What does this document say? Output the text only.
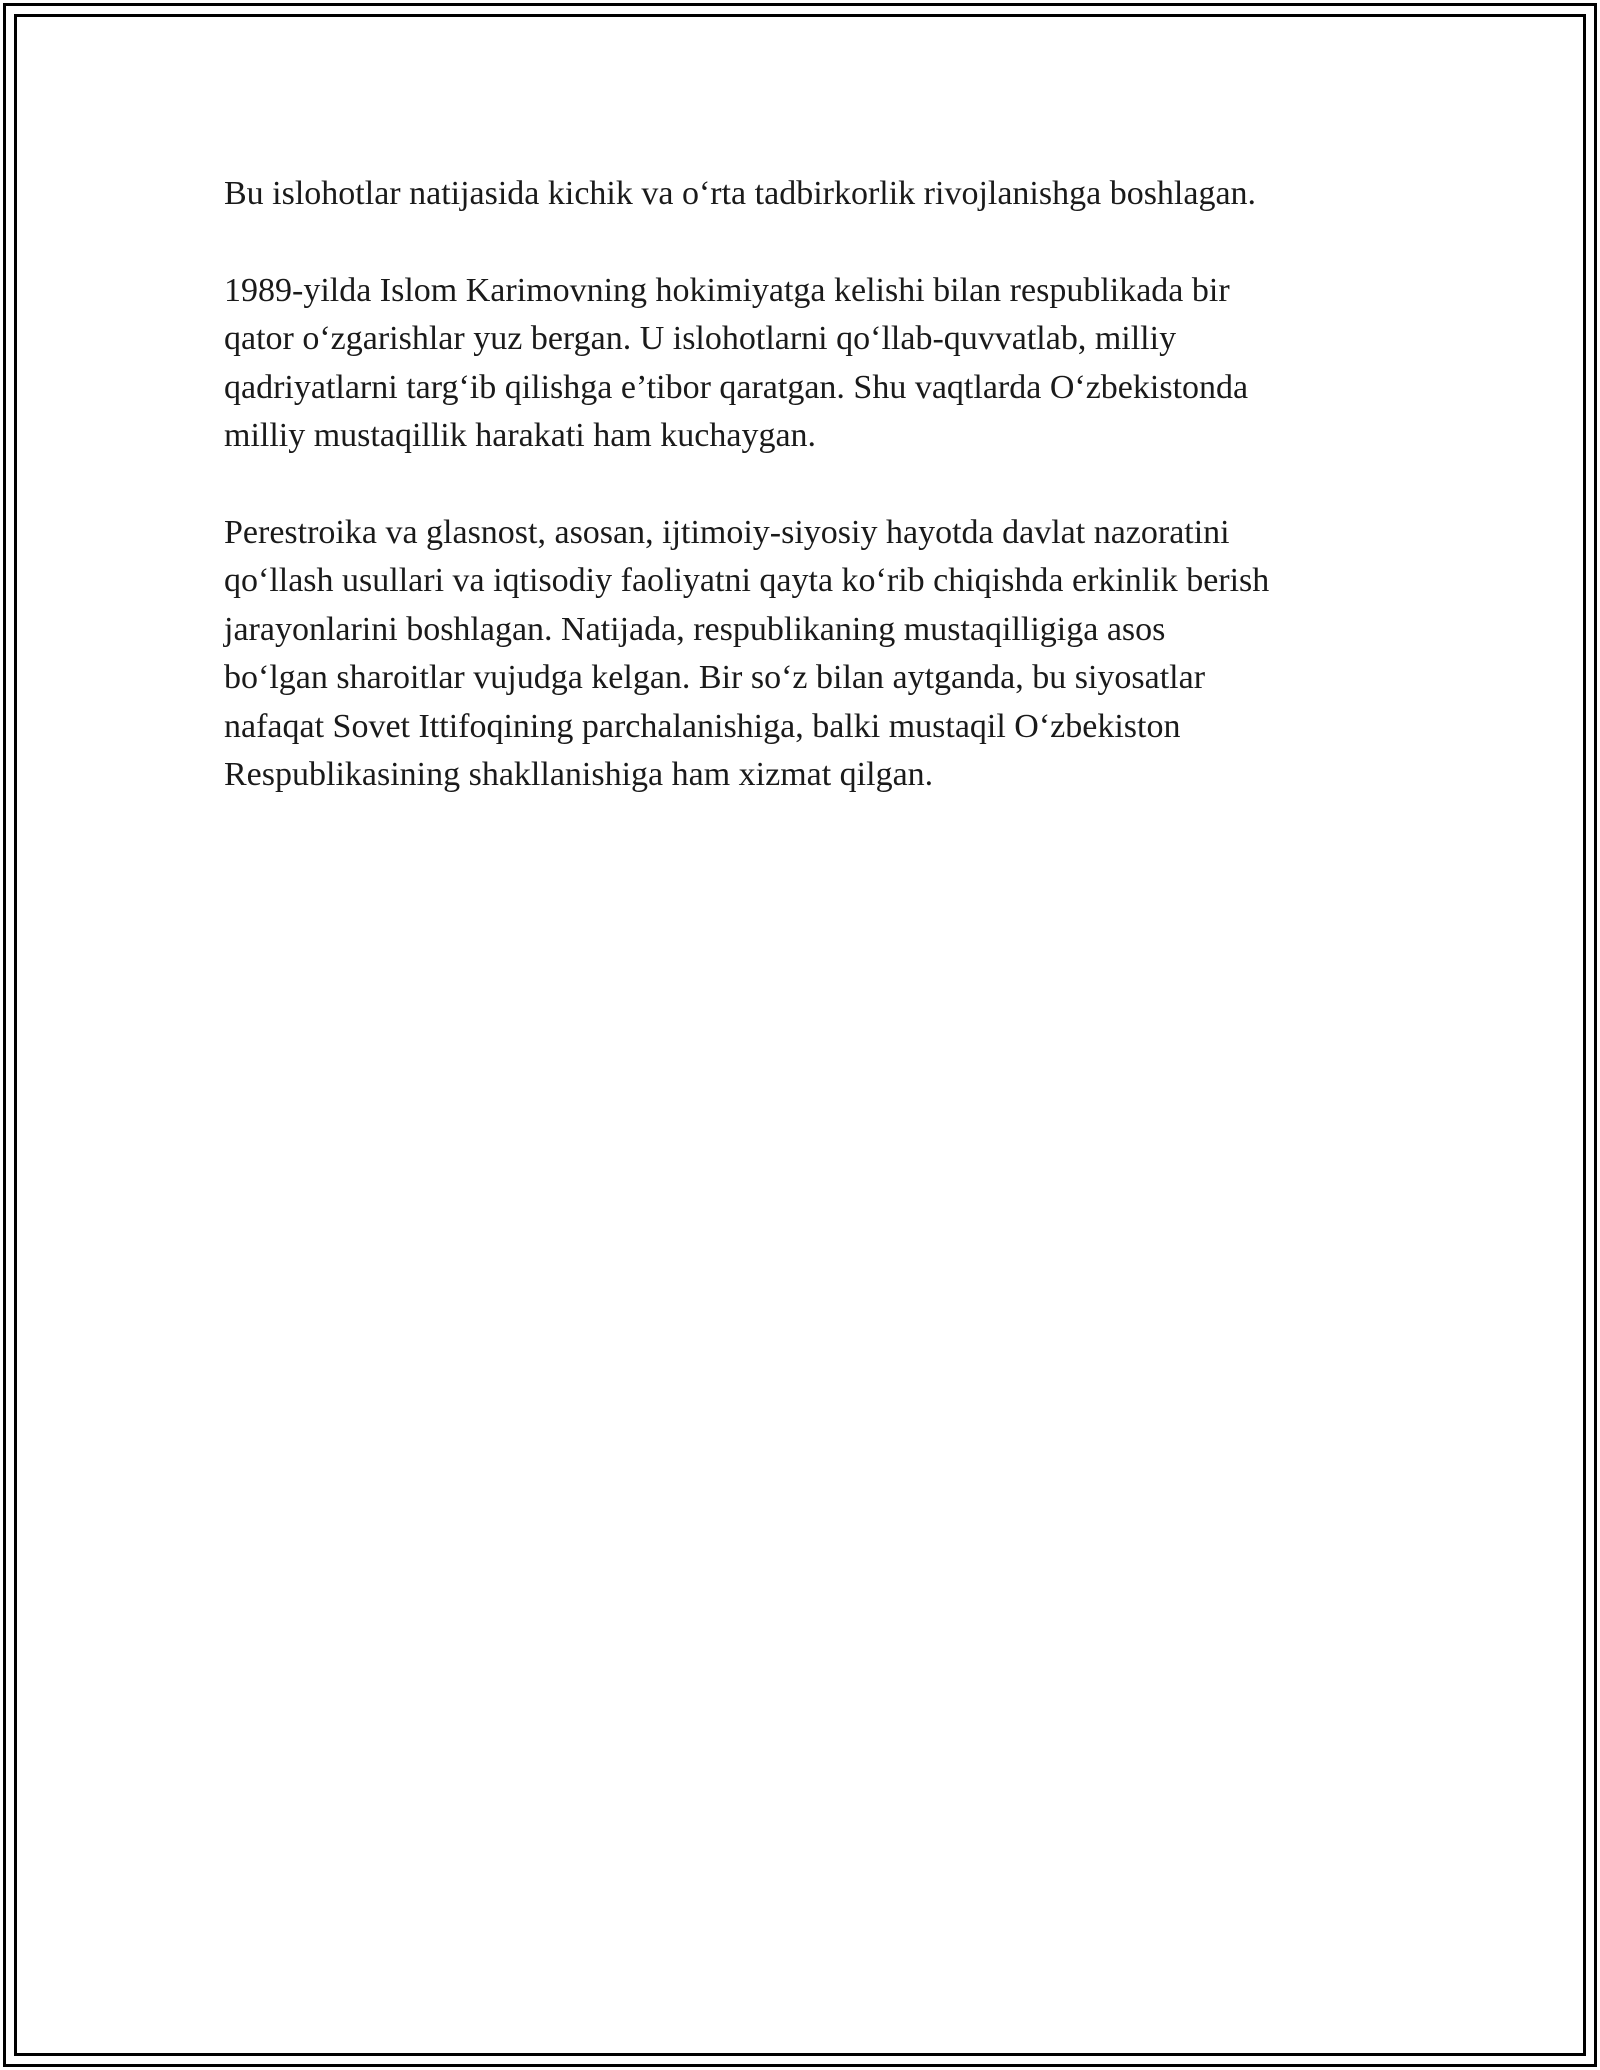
Bu islohotlar natijasida kichik va o‘rta tadbirkorlik rivojlanishga boshlagan.

1989-yilda Islom Karimovning hokimiyatga kelishi bilan respublikada bir
qator o‘zgarishlar yuz bergan. U islohotlarni qo‘llab-quvvatlab, milliy
qadriyatlarni targ‘ib qilishga e’tibor qaratgan. Shu vaqtlarda O‘zbekistonda
milliy mustaqillik harakati ham kuchaygan.

Perestroika va glasnost, asosan, ijtimoiy-siyosiy hayotda davlat nazoratini
qo‘llash usullari va iqtisodiy faoliyatni qayta ko‘rib chiqishda erkinlik berish
jarayonlarini boshlagan. Natijada, respublikaning mustaqilligiga asos
bo‘lgan sharoitlar vujudga kelgan. Bir so‘z bilan aytganda, bu siyosatlar
nafaqat Sovet Ittifoqining parchalanishiga, balki mustaqil O‘zbekiston
Respublikasining shakllanishiga ham xizmat qilgan.
